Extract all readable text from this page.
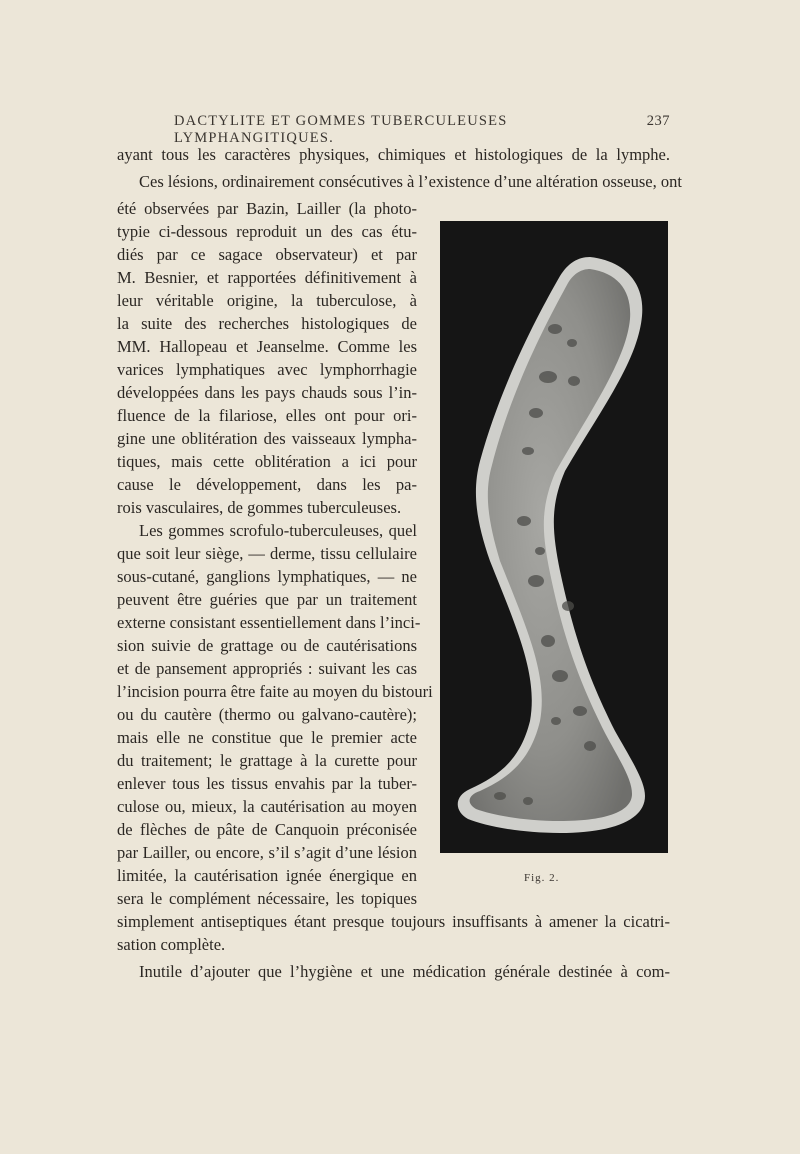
DACTYLITE ET GOMMES TUBERCULEUSES LYMPHANGITIQUES.
237
ayant tous les caractères physiques, chimiques et histologiques de la lymphe.
Ces lésions, ordinairement consécutives à l’existence d’une altération osseuse, ont
été observées par Bazin, Lailler (la photo-
typie ci-dessous reproduit un des cas étu-
diés par ce sagace observateur) et par
M. Besnier, et rapportées définitivement à
leur véritable origine, la tuberculose, à
la suite des recherches histologiques de
MM. Hallopeau et Jeanselme. Comme les
varices lymphatiques avec lymphorrhagie
développées dans les pays chauds sous l’in-
fluence de la filariose, elles ont pour ori-
gine une oblitération des vaisseaux lympha-
tiques, mais cette oblitération a ici pour
cause le développement, dans les pa-
rois vasculaires, de gommes tuberculeuses.
Les gommes scrofulo-tuberculeuses, quel
que soit leur siège, — derme, tissu cellulaire
sous-cutané, ganglions lymphatiques, — ne
peuvent être guéries que par un traitement
externe consistant essentiellement dans l’inci-
sion suivie de grattage ou de cautérisations
et de pansement appropriés : suivant les cas
l’incision pourra être faite au moyen du bistouri
ou du cautère (thermo ou galvano-cautère);
mais elle ne constitue que le premier acte
du traitement; le grattage à la curette pour
enlever tous les tissus envahis par la tuber-
culose ou, mieux, la cautérisation au moyen
de flèches de pâte de Canquoin préconisée
par Lailler, ou encore, s’il s’agit d’une lésion
limitée, la cautérisation ignée énergique en
sera le complément nécessaire, les topiques
simplement antiseptiques étant presque toujours insuffisants à amener la cicatri-
sation complète.
Inutile d’ajouter que l’hygiène et une médication générale destinée à com-
Fig. 2.
